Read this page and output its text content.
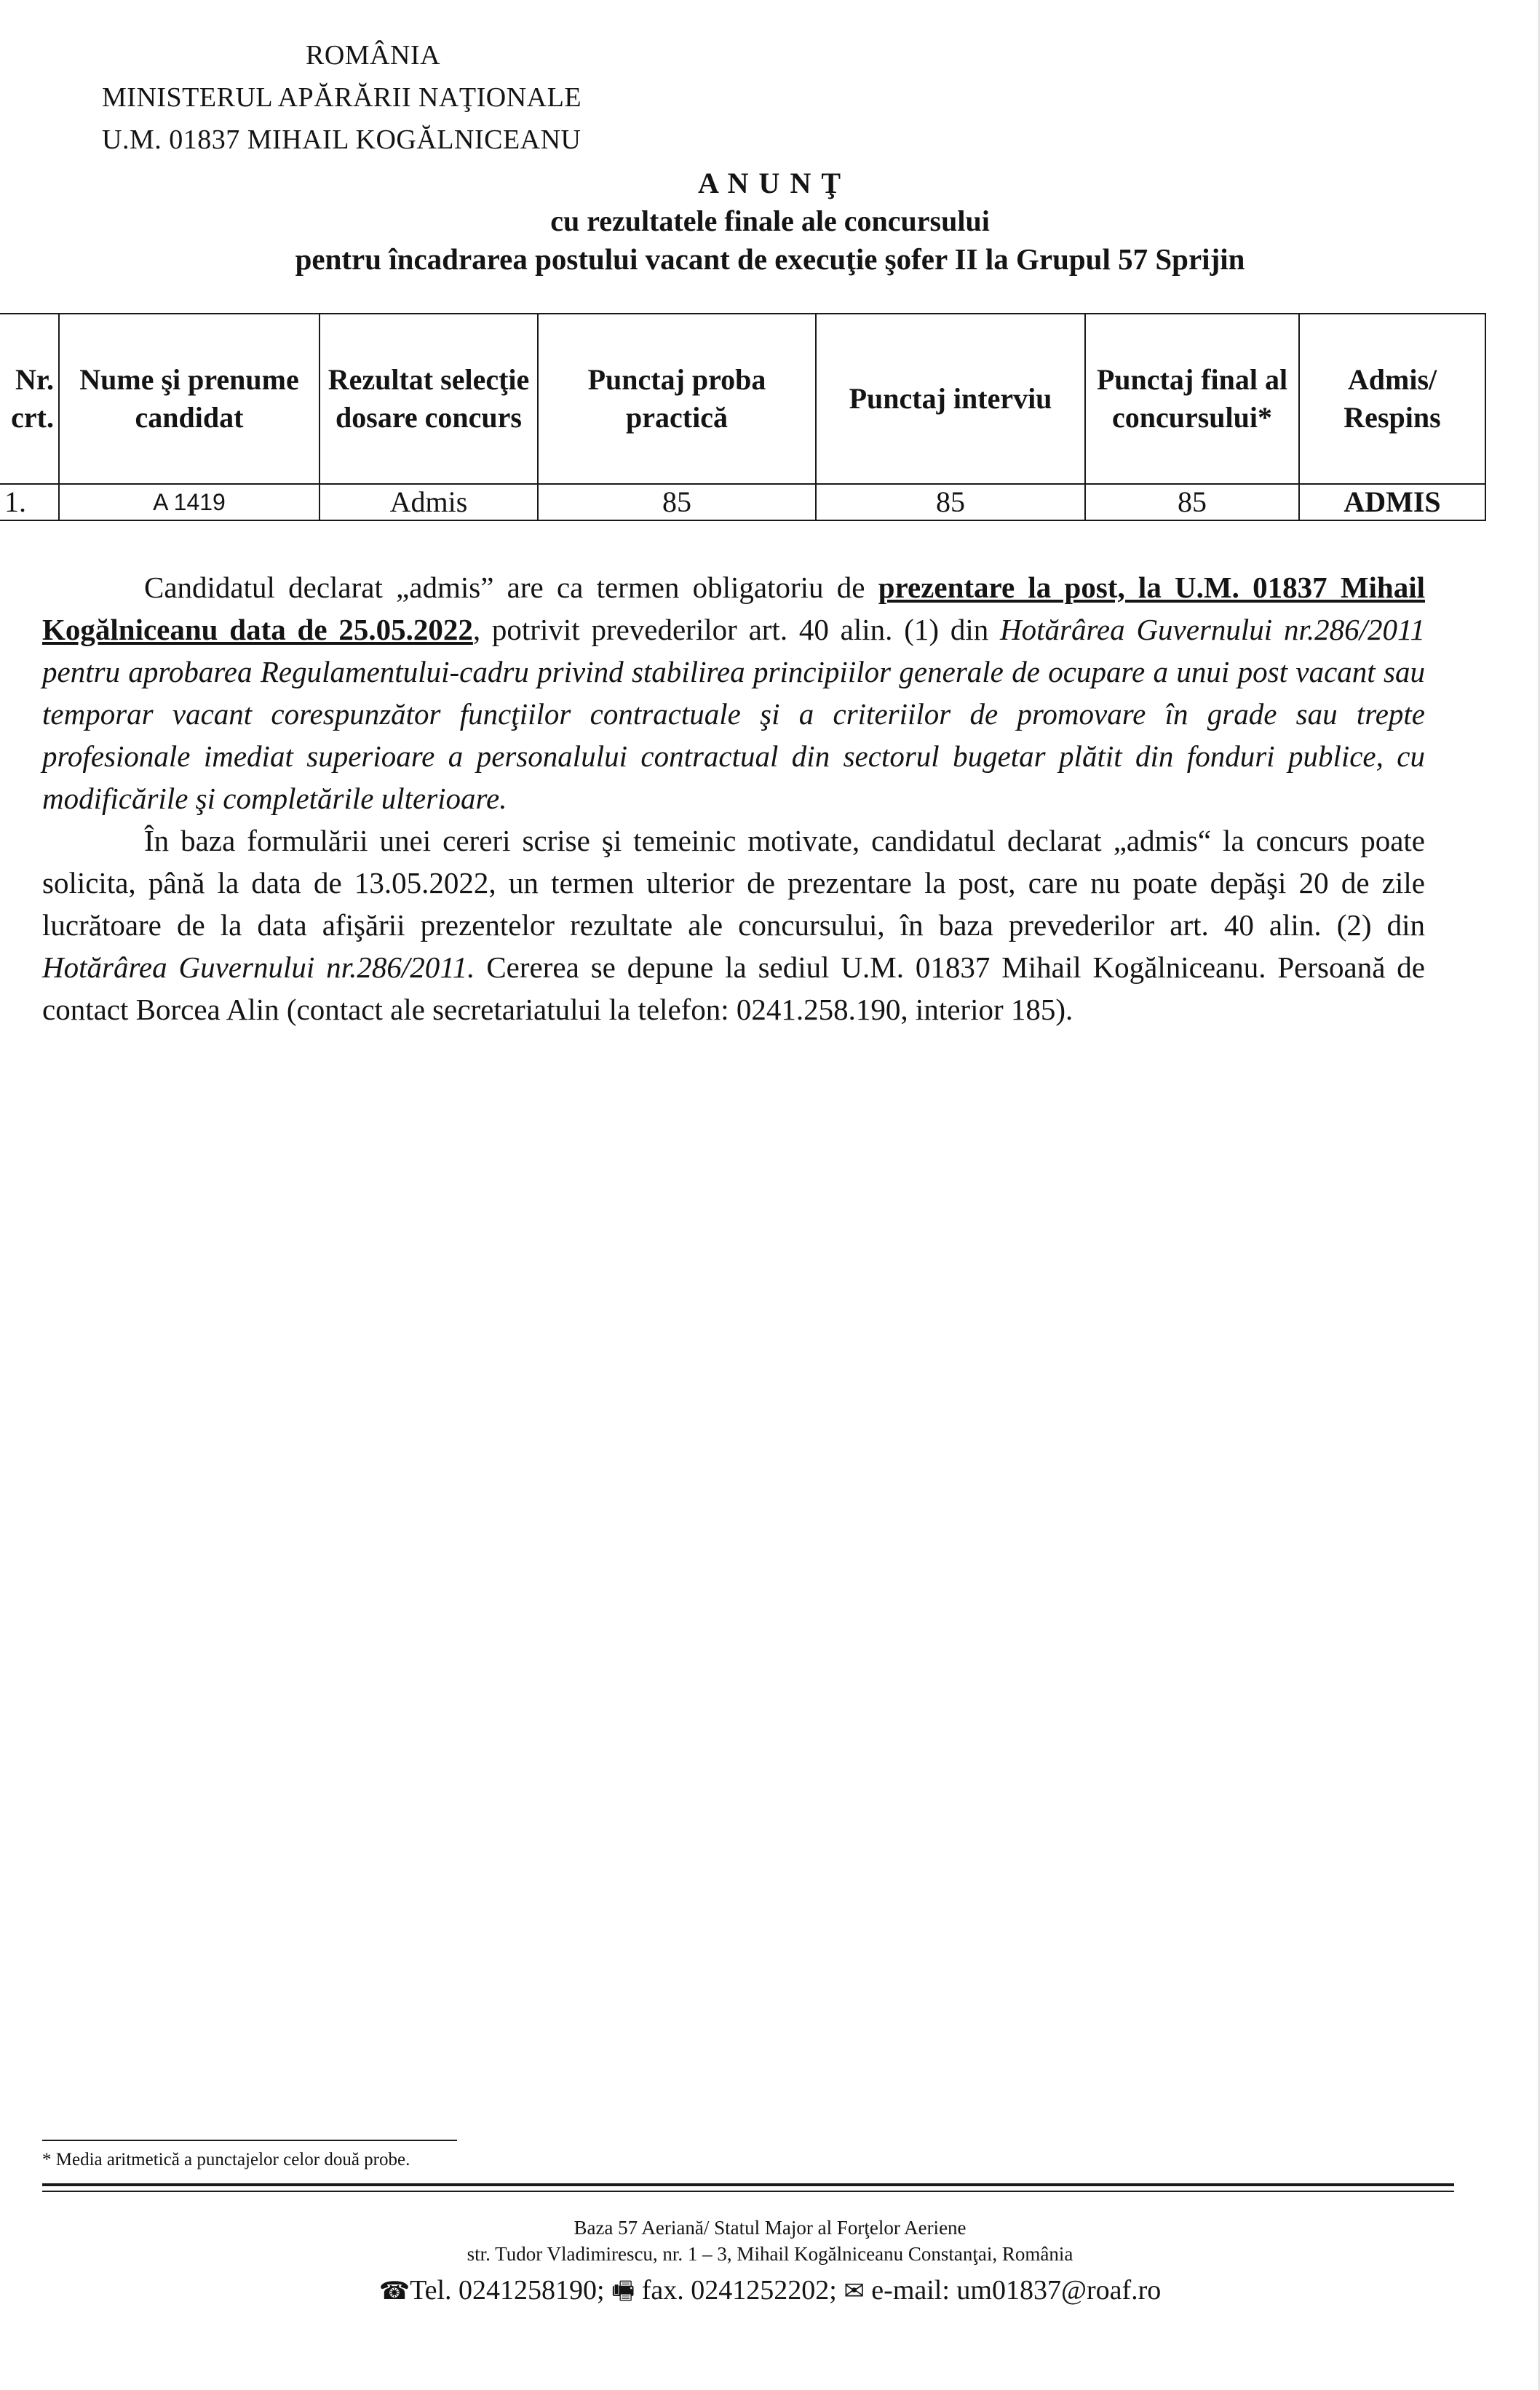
ROMÂNIA
MINISTERUL APĂRĂRII NAŢIONALE
U.M. 01837 MIHAIL KOGĂLNICEANU
A N U N Ţ
cu rezultatele finale ale concursului
pentru încadrarea postului vacant de execuţie şofer II la Grupul 57 Sprijin
Nr. crt.	Nume şi prenume candidat	Rezultat selecţie dosare concurs	Punctaj proba practică	Punctaj interviu	Punctaj final al concursului*	Admis/ Respins
1.	A 1419	Admis	85	85	85	ADMIS

Candidatul declarat „admis” are ca termen obligatoriu de prezentare la post, la U.M. 01837 Mihail Kogălniceanu data de 25.05.2022, potrivit prevederilor art. 40 alin. (1) din Hotărârea Guvernului nr.286/2011 pentru aprobarea Regulamentului-cadru privind stabilirea principiilor generale de ocupare a unui post vacant sau temporar vacant corespunzător funcţiilor contractuale şi a criteriilor de promovare în grade sau trepte profesionale imediat superioare a personalului contractual din sectorul bugetar plătit din fonduri publice, cu modificările şi completările ulterioare.

În baza formulării unei cereri scrise şi temeinic motivate, candidatul declarat „admis“ la concurs poate solicita, până la data de 13.05.2022, un termen ulterior de prezentare la post, care nu poate depăşi 20 de zile lucrătoare de la data afişării prezentelor rezultate ale concursului, în baza prevederilor art. 40 alin. (2) din Hotărârea Guvernului nr.286/2011. Cererea se depune la sediul U.M. 01837 Mihail Kogălniceanu. Persoană de contact Borcea Alin (contact ale secretariatului la telefon: 0241.258.190, interior 185).

* Media aritmetică a punctajelor celor două probe.
Baza 57 Aeriană/ Statul Major al Forţelor Aeriene
str. Tudor Vladimirescu, nr. 1 – 3, Mihail Kogălniceanu Constanţai, România
☎Tel. 0241258190; 🖷 fax. 0241252202; ✉ e-mail: um01837@roaf.ro
